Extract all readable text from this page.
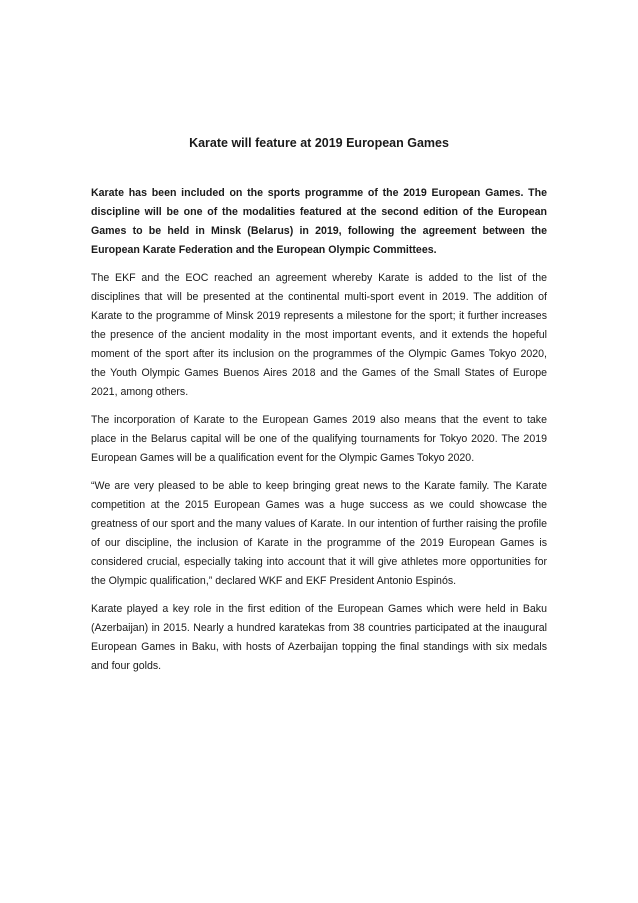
Karate will feature at 2019 European Games

Karate has been included on the sports programme of the 2019 European Games. The discipline will be one of the modalities featured at the second edition of the European Games to be held in Minsk (Belarus) in 2019, following the agreement between the European Karate Federation and the European Olympic Committees.

The EKF and the EOC reached an agreement whereby Karate is added to the list of the disciplines that will be presented at the continental multi-sport event in 2019. The addition of Karate to the programme of Minsk 2019 represents a milestone for the sport; it further increases the presence of the ancient modality in the most important events, and it extends the hopeful moment of the sport after its inclusion on the programmes of the Olympic Games Tokyo 2020, the Youth Olympic Games Buenos Aires 2018 and the Games of the Small States of Europe 2021, among others.

The incorporation of Karate to the European Games 2019 also means that the event to take place in the Belarus capital will be one of the qualifying tournaments for Tokyo 2020. The 2019 European Games will be a qualification event for the Olympic Games Tokyo 2020.

“We are very pleased to be able to keep bringing great news to the Karate family. The Karate competition at the 2015 European Games was a huge success as we could showcase the greatness of our sport and the many values of Karate. In our intention of further raising the profile of our discipline, the inclusion of Karate in the programme of the 2019 European Games is considered crucial, especially taking into account that it will give athletes more opportunities for the Olympic qualification,” declared WKF and EKF President Antonio Espinós.

Karate played a key role in the first edition of the European Games which were held in Baku (Azerbaijan) in 2015. Nearly a hundred karatekas from 38 countries participated at the inaugural European Games in Baku, with hosts of Azerbaijan topping the final standings with six medals and four golds.
